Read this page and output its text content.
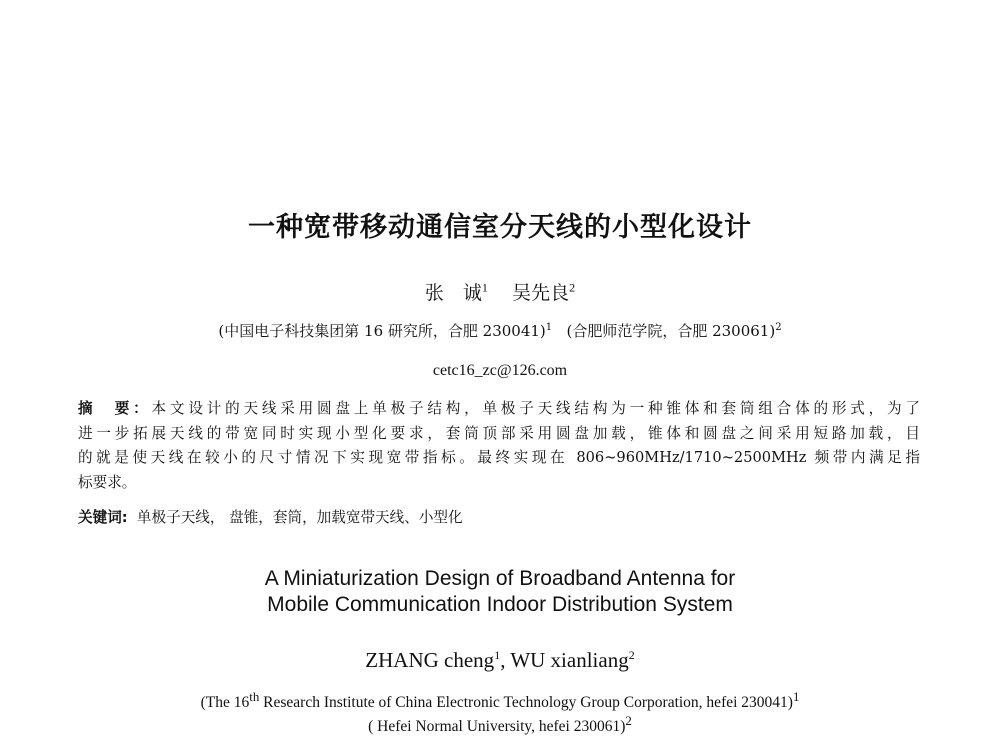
一种宽带移动通信室分天线的小型化设计
张　诚$^1$ 吴先良$^2$
(中国电子科技集团第 16 研究所，合肥 230041)$^1$ (合肥师范学院，合肥 230061)$^2$
cetc16_zc@126.com
摘　要：本文设计的天线采用圆盘上单极子结构，单极子天线结构为一种锥体和套筒组合体的形式，为了
进一步拓展天线的带宽同时实现小型化要求，套筒顶部采用圆盘加载，锥体和圆盘之间采用短路加载，目
的就是使天线在较小的尺寸情况下实现宽带指标。最终实现在 806~960MHz/1710~2500MHz 频带内满足指
标要求。
关键词: 单极子天线， 盘锥，套筒，加载宽带天线、小型化
A Miniaturization Design of Broadband Antenna for
Mobile Communication Indoor Distribution System
ZHANG cheng$^1$, WU xianliang$^2$
(The 16th Research Institute of China Electronic Technology Group Corporation, hefei 230041)$^1$
( Hefei Normal University, hefei 230061)$^2$
